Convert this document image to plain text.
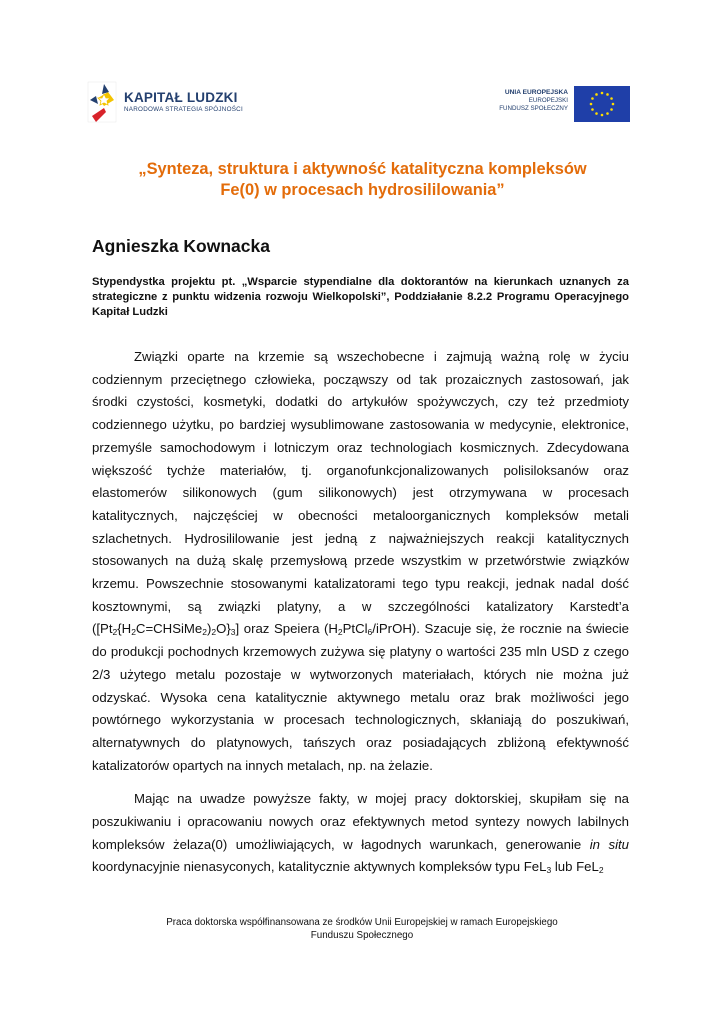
KAPITAŁ LUDZKI
NARODOWA STRATEGIA SPÓJNOŚCI
UNIA EUROPEJSKA
EUROPEJSKI
FUNDUSZ SPOŁECZNY
„Synteza, struktura i aktywność katalityczna kompleksów
Fe(0) w procesach hydrosililowania”
Agnieszka Kownacka
Stypendystka projektu pt. „Wsparcie stypendialne dla doktorantów na kierunkach uznanych za strategiczne z punktu widzenia rozwoju Wielkopolski”, Poddziałanie 8.2.2 Programu Operacyjnego Kapitał Ludzki

Związki oparte na krzemie są wszechobecne i zajmują ważną rolę w życiu codziennym przeciętnego człowieka, począwszy od tak prozaicznych zastosowań, jak środki czystości, kosmetyki, dodatki do artykułów spożywczych, czy też przedmioty codziennego użytku, po bardziej wysublimowane zastosowania w medycynie, elektronice, przemyśle samochodowym i lotniczym oraz technologiach kosmicznych. Zdecydowana większość tychże materiałów, tj. organofunkcjonalizowanych polisiloksanów oraz elastomerów silikonowych (gum silikonowych) jest otrzymywana w procesach katalitycznych, najczęściej w obecności metaloorganicznych kompleksów metali szlachetnych. Hydrosililowanie jest jedną z najważniejszych reakcji katalitycznych stosowanych na dużą skalę przemysłową przede wszystkim w przetwórstwie związków krzemu. Powszechnie stosowanymi katalizatorami tego typu reakcji, jednak nadal dość kosztownymi, są związki platyny, a w szczególności katalizatory Karstedt’a $([Pt_2\{H_2C=CHSiMe_2)_2O\}_3]$ oraz Speiera $(H_2PtCl_6/iPrOH)$. Szacuje się, że rocznie na świecie do produkcji pochodnych krzemowych zużywa się platyny o wartości 235 mln USD z czego 2/3 użytego metalu pozostaje w wytworzonych materiałach, których nie można już odzyskać. Wysoka cena katalitycznie aktywnego metalu oraz brak możliwości jego powtórnego wykorzystania w procesach technologicznych, skłaniają do poszukiwań, alternatywnych do platynowych, tańszych oraz posiadających zbliżoną efektywność katalizatorów opartych na innych metalach, np. na żelazie.

Mając na uwadze powyższe fakty, w mojej pracy doktorskiej, skupiłam się na poszukiwaniu i opracowaniu nowych oraz efektywnych metod syntezy nowych labilnych kompleksów żelaza(0) umożliwiających, w łagodnych warunkach, generowanie in situ koordynacyjnie nienasyconych, katalitycznie aktywnych kompleksów typu FeL$_3$ lub FeL$_2$

Praca doktorska współfinansowana ze środków Unii Europejskiej w ramach Europejskiego
Funduszu Społecznego
